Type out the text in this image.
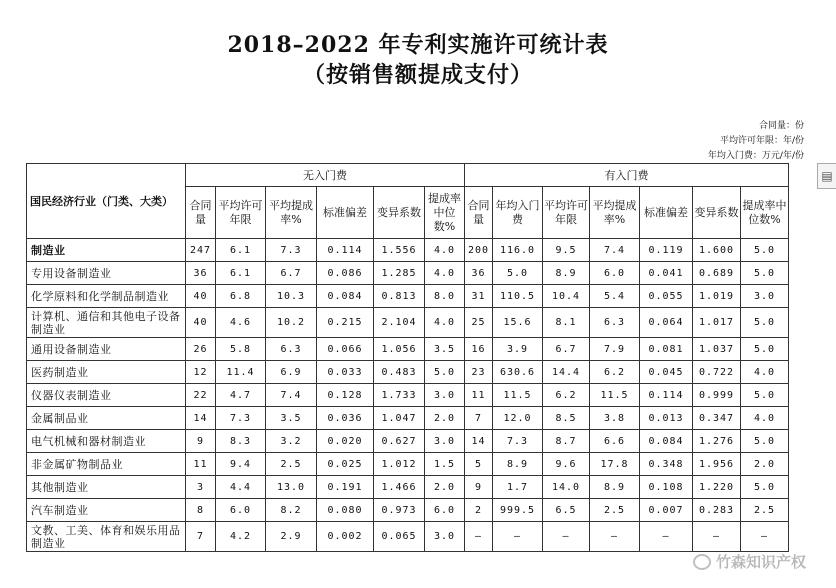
2018–2022 年专利实施许可统计表
（按销售额提成支付）
合同量：份
平均许可年限：年/份
年均入门费：万元/年/份
▤
国民经济行业（门类、大类）	无入门费						有入门费						
	合同量	平均许可年限	平均提成率%	标准偏差	变异系数	提成率中位数%	合同量	年均入门费	平均许可年限	平均提成率%	标准偏差	变异系数	提成率中位数%
制造业	247	6.1	7.3	0.114	1.556	4.0	200	116.0	9.5	7.4	0.119	1.600	5.0
专用设备制造业	36	6.1	6.7	0.086	1.285	4.0	36	5.0	8.9	6.0	0.041	0.689	5.0
化学原料和化学制品制造业	40	6.8	10.3	0.084	0.813	8.0	31	110.5	10.4	5.4	0.055	1.019	3.0
计算机、通信和其他电子设备制造业	40	4.6	10.2	0.215	2.104	4.0	25	15.6	8.1	6.3	0.064	1.017	5.0
通用设备制造业	26	5.8	6.3	0.066	1.056	3.5	16	3.9	6.7	7.9	0.081	1.037	5.0
医药制造业	12	11.4	6.9	0.033	0.483	5.0	23	630.6	14.4	6.2	0.045	0.722	4.0
仪器仪表制造业	22	4.7	7.4	0.128	1.733	3.0	11	11.5	6.2	11.5	0.114	0.999	5.0
金属制品业	14	7.3	3.5	0.036	1.047	2.0	7	12.0	8.5	3.8	0.013	0.347	4.0
电气机械和器材制造业	9	8.3	3.2	0.020	0.627	3.0	14	7.3	8.7	6.6	0.084	1.276	5.0
非金属矿物制品业	11	9.4	2.5	0.025	1.012	1.5	5	8.9	9.6	17.8	0.348	1.956	2.0
其他制造业	3	4.4	13.0	0.191	1.466	2.0	9	1.7	14.0	8.9	0.108	1.220	5.0
汽车制造业	8	6.0	8.2	0.080	0.973	6.0	2	999.5	6.5	2.5	0.007	0.283	2.5
文教、工美、体育和娱乐用品制造业	7	4.2	2.9	0.002	0.065	3.0	–	–	–	–	–	–	–
竹森知识产权
